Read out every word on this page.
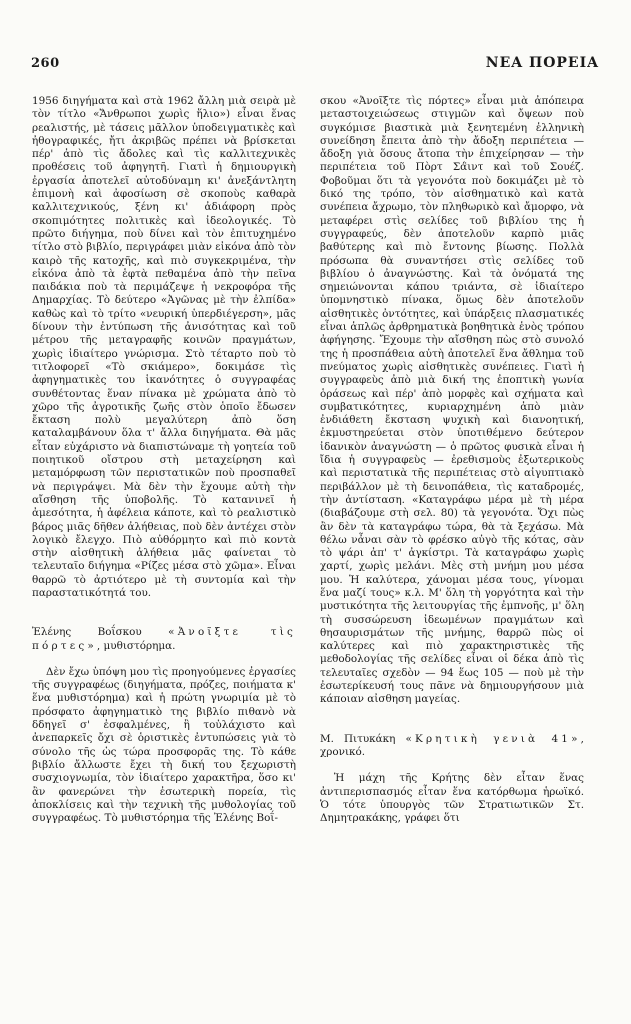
260	ΝΕΑ ΠΟΡΕΙΑ

1956 διηγήματα καὶ στὰ 1962 ἄλλη μιὰ σειρὰ μὲ τὸν τίτλο «Ἄνθρωποι χωρὶς ἥλιο») εἶναι ἕνας ρεαλιστής, μὲ τάσεις μᾶλλον ὑποδειγματικὲς καὶ ἠθογραφικές, ἤτι ἀκριβῶς πρέπει νὰ βρίσκεται πέρ' ἀπὸ τὶς ἄδολες καὶ τὶς καλλιτεχνικὲς προθέσεις τοῦ ἀφηγητῆ. Γιατὶ ἡ δημιουργικὴ ἐργασία ἀποτελεῖ αὐτοδύναμη κι' ἀνεξάντλητη ἐπιμονὴ καὶ ἀφοσίωση σὲ σκοποὺς καθαρὰ καλλιτεχνικούς, ξένη κι' ἀδιάφορη πρὸς σκοπιμότητες πολιτικὲς καὶ ἰδεολογικές. Τὸ πρῶτο διήγημα, ποὺ δίνει καὶ τὸν ἐπιτυχημένο τίτλο στὸ βιβλίο, περιγράφει μιὰν εἰκόνα ἀπὸ τὸν καιρὸ τῆς κατοχῆς, καὶ πιὸ συγκεκριμένα, τὴν εἰκόνα ἀπὸ τὰ ἑφτὰ πεθαμένα ἀπὸ τὴν πεῖνα παιδάκια ποὺ τὰ περιμάζεψε ἡ νεκροφόρα τῆς Δημαρχίας. Τὸ δεύτερο «Ἀγῶνας μὲ τὴν ἐλπίδα» καθὼς καὶ τὸ τρίτο «νευρική ὑπερδιέγερση», μᾶς δίνουν τὴν ἐντύπωση τῆς ἀνισότητας καὶ τοῦ μέτρου τῆς μεταγραφῆς κοινῶν πραγμάτων, χωρὶς ἰδιαίτερο γνώρισμα. Στὸ τέταρτο ποὺ τὸ τιτλοφορεῖ «Τὸ σκιάμερο», δοκιμάσε τὶς ἀφηγηματικὲς του ἱκανότητες ὁ συγγραφέας συνθέτοντας ἕναν πίνακα μὲ χρώματα ἀπὸ τὸ χῶρο τῆς ἀγροτικῆς ζωῆς στὸν ὁποῖο ἔδωσεν ἔκταση πολὺ μεγαλύτερη ἀπὸ ὅση καταλαμβάνουν ὅλα τ' ἄλλα διηγήματα. Θὰ μᾶς εἶταν εὐχάριστο νὰ διαπιστώναμε τὴ γοητεία τοῦ ποιητικοῦ οἴστρου στὴ μεταχείρηση καὶ μεταμόρφωση τῶν περιστατικῶν ποὺ προσπαθεῖ νὰ περιγράψει. Μὰ δὲν τὴν ἔχουμε αὐτὴ τὴν αἴσθηση τῆς ὑποβολῆς. Τὸ κατανινεῖ ἡ ἀμεσότητα, ἡ ἀφέλεια κάποτε, καὶ τὸ ρεαλιστικὸ βάρος μιᾶς δῆθεν ἀλήθειας, ποὺ δὲν ἀντέχει στὸν λογικὸ ἔλεγχο. Πιὸ αὐθόρμητο καὶ πιὸ κοντὰ στὴν αἰσθητικὴ ἀλήθεια μᾶς φαίνεται τὸ τελευταῖο διήγημα «Ρίζες μέσα στὸ χῶμα». Εἶναι θαρρῶ τὸ ἀρτιότερο μὲ τὴ συντομία καὶ τὴν παραστατικότητά του.

Ἐλένης Βοΐσκου	«Ἀνοῖξτε τὶς πόρτες», μυθιστόρημα.

Δὲν ἔχω ὑπόψη μου τὶς προηγούμενες ἐργασίες τῆς συγγραφέως (διηγήματα, πρόζες, ποιήματα κ' ἕνα μυθιστόρημα) καὶ ἡ πρώτη γνωριμία μὲ τὸ πρόσφατο ἀφηγηματικὸ της βιβλίο πιθανὸ νὰ δδηγεῖ σ' ἐσφαλμένες, ἢ τοὐλάχιστο καὶ ἀνεπαρκεῖς ὄχι σὲ ὁριστικὲς ἐντυπώσεις γιὰ τὸ σύνολο τῆς ὡς τώρα προσφορᾶς της. Τὸ κάθε βιβλίο ἄλλωστε ἔχει τὴ δική του ξεχωριστὴ συσχιογνωμία, τὸν ἰδιαίτερο χαρακτῆρα, ὅσο κι' ἂν φανερώνει τὴν ἐσωτερικὴ πορεία, τὶς ἀποκλίσεις καὶ τὴν τεχνικὴ τῆς μυθολογίας τοῦ συγγραφέως. Τὸ μυθιστόρημα τῆς Ἐλένης Βοΐ-

σκου «Ἀνοῖξτε τὶς πόρτες» εἶναι μιὰ ἀπόπειρα μεταστοιχειώσεως στιγμῶν καὶ ὄψεων ποὺ συγκόμισε βιαστικὰ μιὰ ξενητεμένη ἑλληνικὴ συνείδηση ἔπειτα ἀπὸ τὴν ἄδοξη περιπέτεια — ἄδοξη γιὰ ὅσους ἄτοπα τὴν ἐπιχείρησαν — τὴν περιπέτεια τοῦ Πὸρτ Σά̈ιντ καὶ τοῦ Σουέζ. Φοβοῦμαι ὅτι τὰ γεγονότα ποὺ δοκιμάζει μὲ τὸ δικό της τρόπο, τὸν αἰσθηματικὸ καὶ κατὰ συνέπεια ἄχρωμο, τὸν πληθωρικὸ καὶ ἄμορφο, νὰ μεταφέρει στὶς σελίδες τοῦ βιβλίου της ἡ συγγραφεύς, δὲν ἀποτελοῦν καρπὸ μιᾶς βαθύτερης καὶ πιὸ ἔντονης βίωσης. Πολλὰ πρόσωπα θὰ συναντήσει στὶς σελίδες τοῦ βιβλίου ὁ ἀναγνώστης. Καὶ τὰ ὀνόματά της σημειώνονται κάπου τριάντα, σὲ ἰδιαίτερο ὑπομνηστικὸ πίνακα, ὅμως δὲν ἀποτελοῦν αἰσθητικὲς ὀντότητες, καὶ ὑπάρξεις πλασματικές εἶναι ἁπλῶς ἀρθρηματικὰ βοηθητικὰ ἑνὸς τρόπου ἀφήγησης. Ἔχουμε τὴν αἴσθηση πὼς στὸ συνολό της ἡ προσπάθεια αὐτὴ ἀποτελεῖ ἕνα ἄθλημα τοῦ πνεύματος χωρὶς αἰσθητικὲς συνέπειες. Γιατὶ ἡ συγγραφεὺς ἀπὸ μιὰ δική της ἐποπτικὴ γωνία ὁράσεως καὶ πέρ' ἀπὸ μορφὲς καὶ σχήματα καὶ συμβατικότητες, κυριαρχημένη ἀπὸ μιὰν ἐνδιάθετη ἔκσταση ψυχικὴ καὶ διανοητική, ἐκμυστηρεύεται στὸν ὑποτιθέμενο δεύτερον ἰδανικὸν ἀναγνώστη — ὁ πρῶτος φυσικὰ εἶναι ἡ ἴδια ἡ συγγραφεὺς — ἐρεθισμοὺς ἐξωτερικοὺς καὶ περιστατικὰ τῆς περιπέτειας στὸ αἰγυπτιακὸ περιβάλλον μὲ τὴ δεινοπάθεια, τὶς καταδρομές, τὴν ἀντίσταση. «Καταγράφω μέρα μὲ τὴ μέρα (διαβάζουμε στὴ σελ. 80) τὰ γεγονότα. Ὄχι πὼς ἂν δὲν τὰ καταγράφω τώρα, θὰ τὰ ξεχάσω. Μὰ θέλω νἆναι σὰν τὸ φρέσκο αὐγὸ τῆς κότας, σὰν τὸ ψάρι ἀπ' τ' ἀγκίστρι. Τὰ καταγράφω χωρὶς χαρτί, χωρὶς μελάνι. Μὲς στὴ μνήμη μου μέσα μου. Ἡ καλύτερα, χάνομαι μέσα τους, γίνομαι ἕνα μαζί τους» κ.λ. Μ' ὅλη τὴ γοργότητα καὶ τὴν μυστικότητα τῆς λειτουργίας τῆς ἐμπνοῆς, μ' ὅλη τὴ συσσώρευση ἰδεωμένων πραγμάτων καὶ θησαυρισμάτων τῆς μνήμης, θαρρῶ πὼς οἱ καλύτερες καὶ πιὸ χαρακτηριστικὲς τῆς μεθοδολογίας τῆς σελίδες εἶναι οἱ δέκα ἀπὸ τὶς τελευταῖες σχεδὸν — 94 ἕως 105 — ποὺ μὲ τὴν ἐσωτερίκευσή τους πᾶνε νὰ δημιουργήσουν μιὰ κάποιαν αἰσθηση μαγείας.

Μ. Πιτυκάκη «Κρητικὴ γενιὰ 41», χρονικό.

Ἡ μάχη τῆς Κρήτης δὲν εἶταν ἕνας ἀντιπερισπασμός εἶταν ἕνα κατόρθωμα ἡρωϊκό. Ὁ τότε ὑπουργὸς τῶν Στρατιωτικῶν Στ. Δημητρακάκης, γράφει ὅτι
